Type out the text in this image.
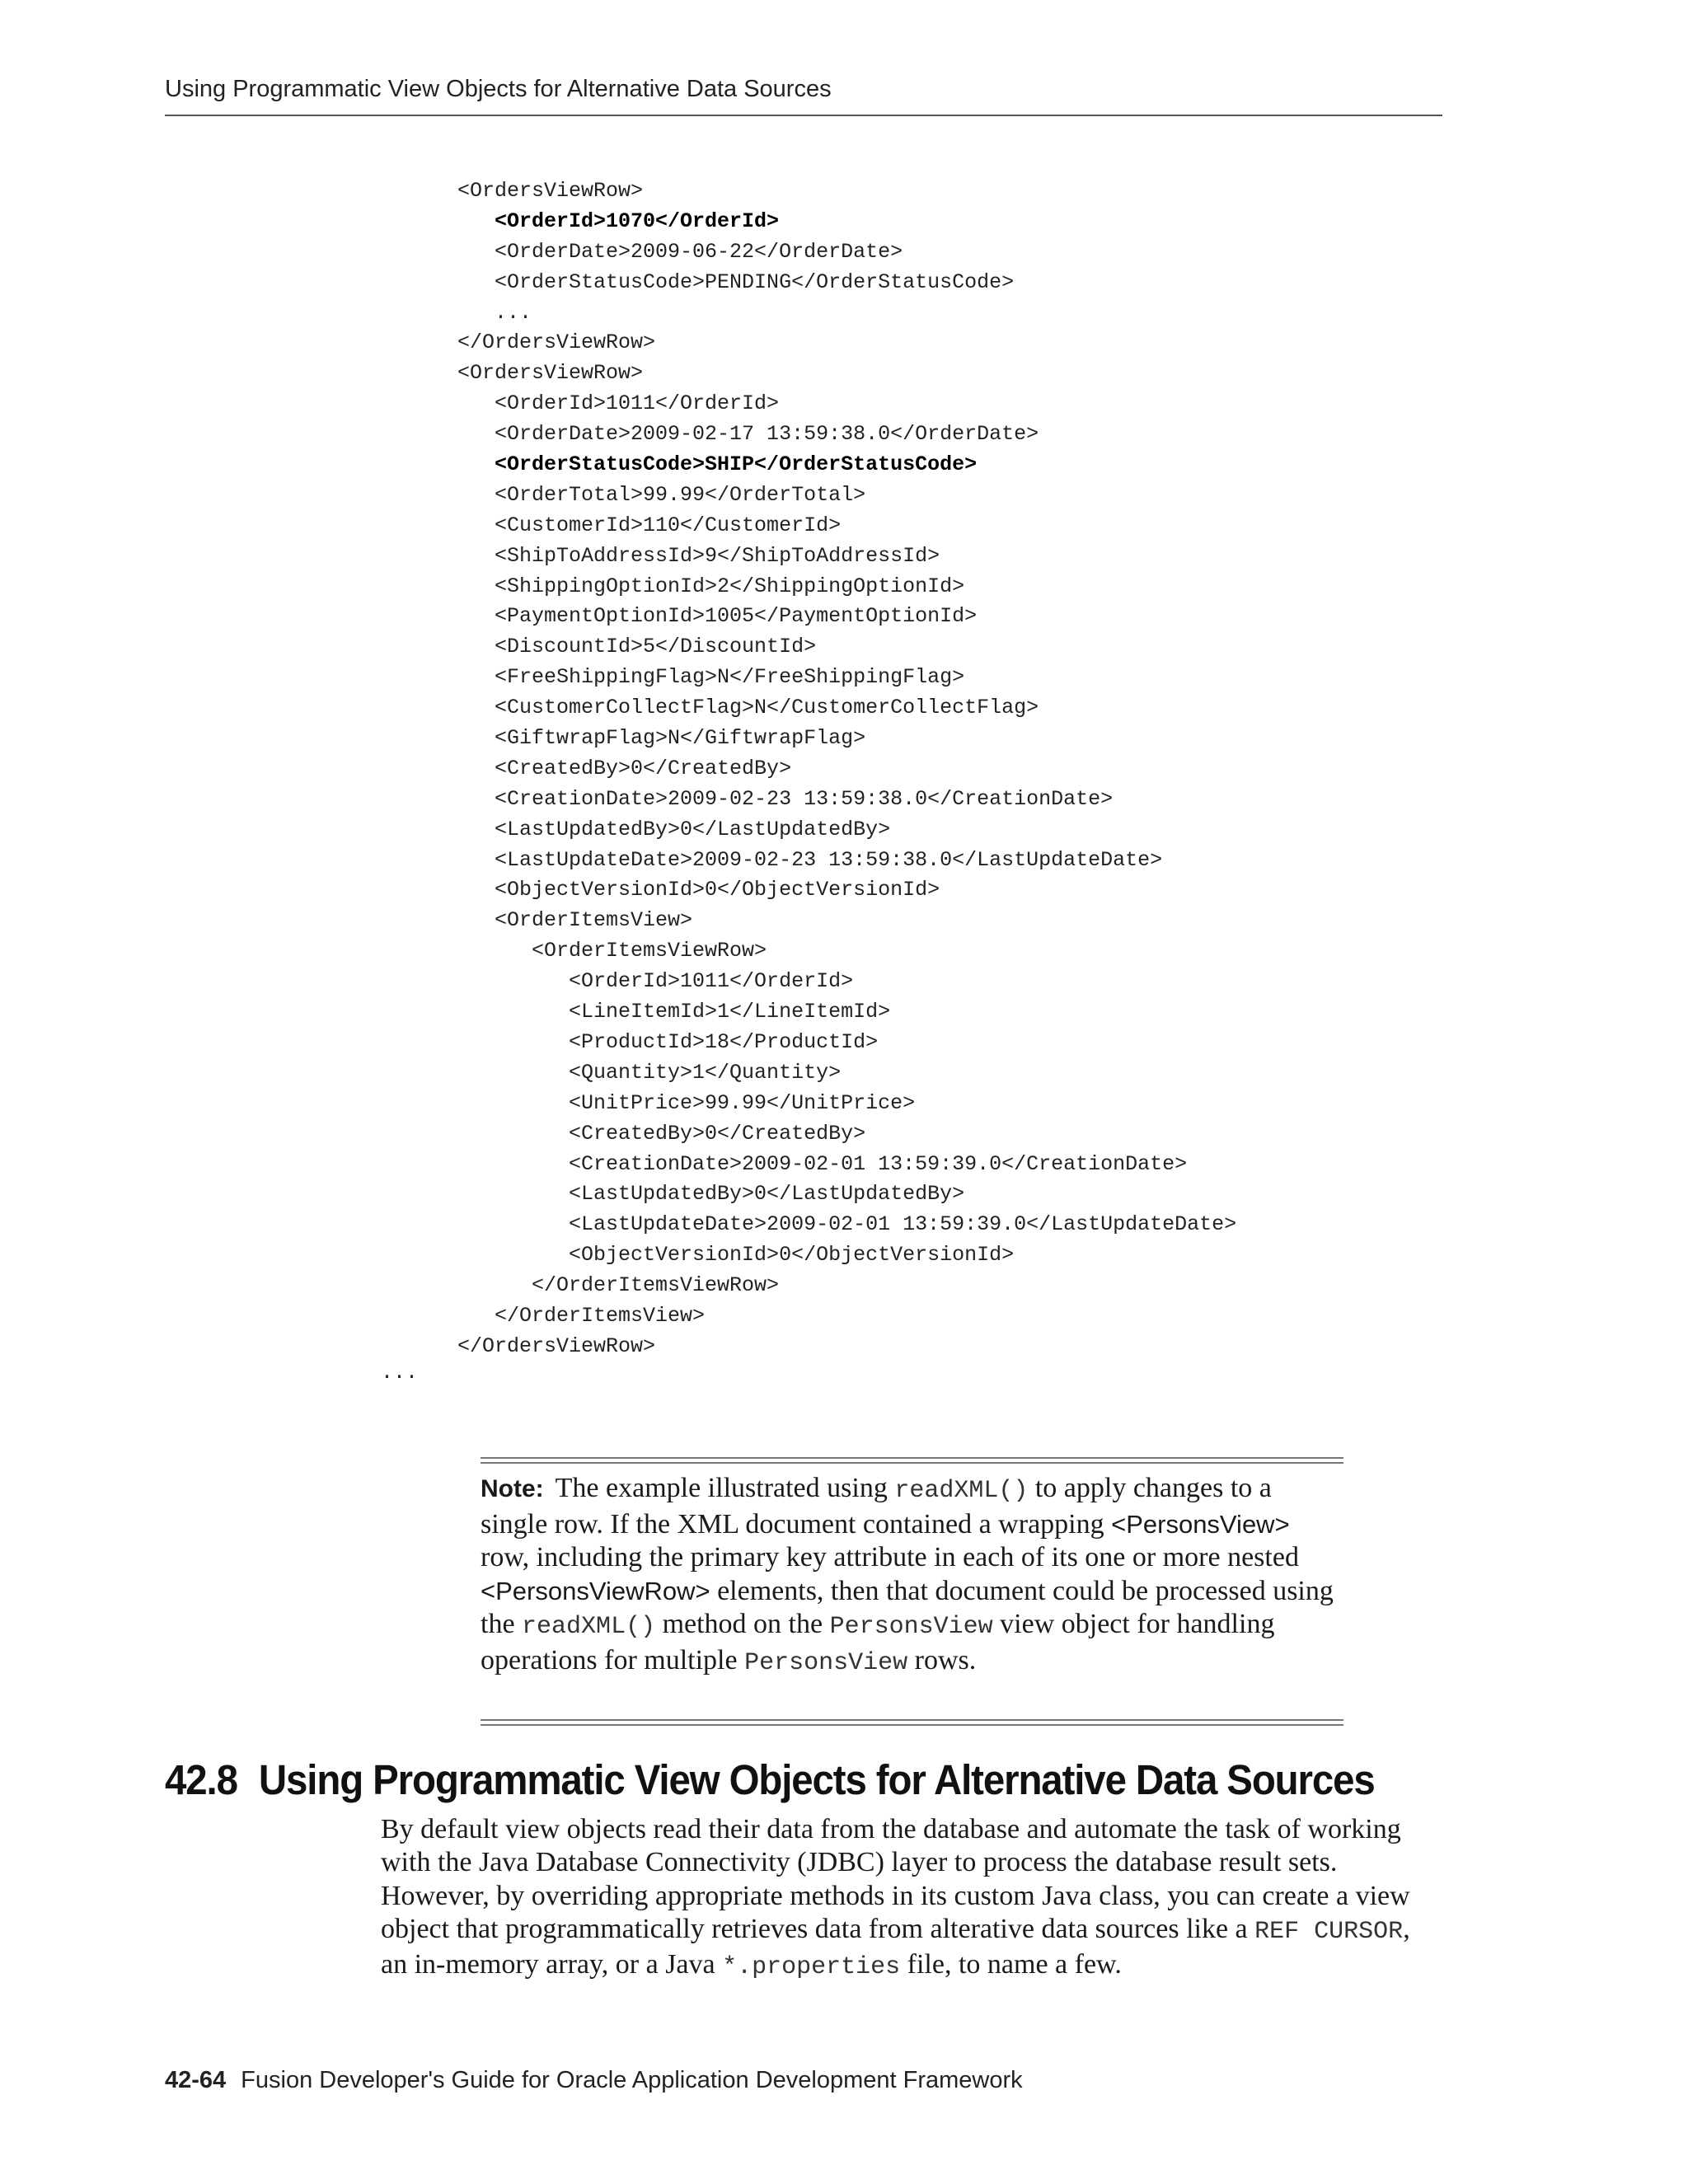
Using Programmatic View Objects for Alternative Data Sources
<OrdersViewRow>
<OrderId>1070</OrderId>
<OrderDate>2009-06-22</OrderDate>
<OrderStatusCode>PENDING</OrderStatusCode>
...
</OrdersViewRow>
<OrdersViewRow>
<OrderId>1011</OrderId>
<OrderDate>2009-02-17 13:59:38.0</OrderDate>
<OrderStatusCode>SHIP</OrderStatusCode>
<OrderTotal>99.99</OrderTotal>
<CustomerId>110</CustomerId>
<ShipToAddressId>9</ShipToAddressId>
<ShippingOptionId>2</ShippingOptionId>
<PaymentOptionId>1005</PaymentOptionId>
<DiscountId>5</DiscountId>
<FreeShippingFlag>N</FreeShippingFlag>
<CustomerCollectFlag>N</CustomerCollectFlag>
<GiftwrapFlag>N</GiftwrapFlag>
<CreatedBy>0</CreatedBy>
<CreationDate>2009-02-23 13:59:38.0</CreationDate>
<LastUpdatedBy>0</LastUpdatedBy>
<LastUpdateDate>2009-02-23 13:59:38.0</LastUpdateDate>
<ObjectVersionId>0</ObjectVersionId>
<OrderItemsView>
<OrderItemsViewRow>
<OrderId>1011</OrderId>
<LineItemId>1</LineItemId>
<ProductId>18</ProductId>
<Quantity>1</Quantity>
<UnitPrice>99.99</UnitPrice>
<CreatedBy>0</CreatedBy>
<CreationDate>2009-02-01 13:59:39.0</CreationDate>
<LastUpdatedBy>0</LastUpdatedBy>
<LastUpdateDate>2009-02-01 13:59:39.0</LastUpdateDate>
<ObjectVersionId>0</ObjectVersionId>
</OrderItemsViewRow>
</OrderItemsView>
</OrdersViewRow>
...
Note: The example illustrated using readXML() to apply changes to a single row. If the XML document contained a wrapping <PersonsView> row, including the primary key attribute in each of its one or more nested <PersonsViewRow> elements, then that document could be processed using the readXML() method on the PersonsView view object for handling operations for multiple PersonsView rows.
42.8 Using Programmatic View Objects for Alternative Data Sources

By default view objects read their data from the database and automate the task of working with the Java Database Connectivity (JDBC) layer to process the database result sets. However, by overriding appropriate methods in its custom Java class, you can create a view object that programmatically retrieves data from alterative data sources like a REF CURSOR, an in-memory array, or a Java *.properties file, to name a few.

42-64 Fusion Developer's Guide for Oracle Application Development Framework
